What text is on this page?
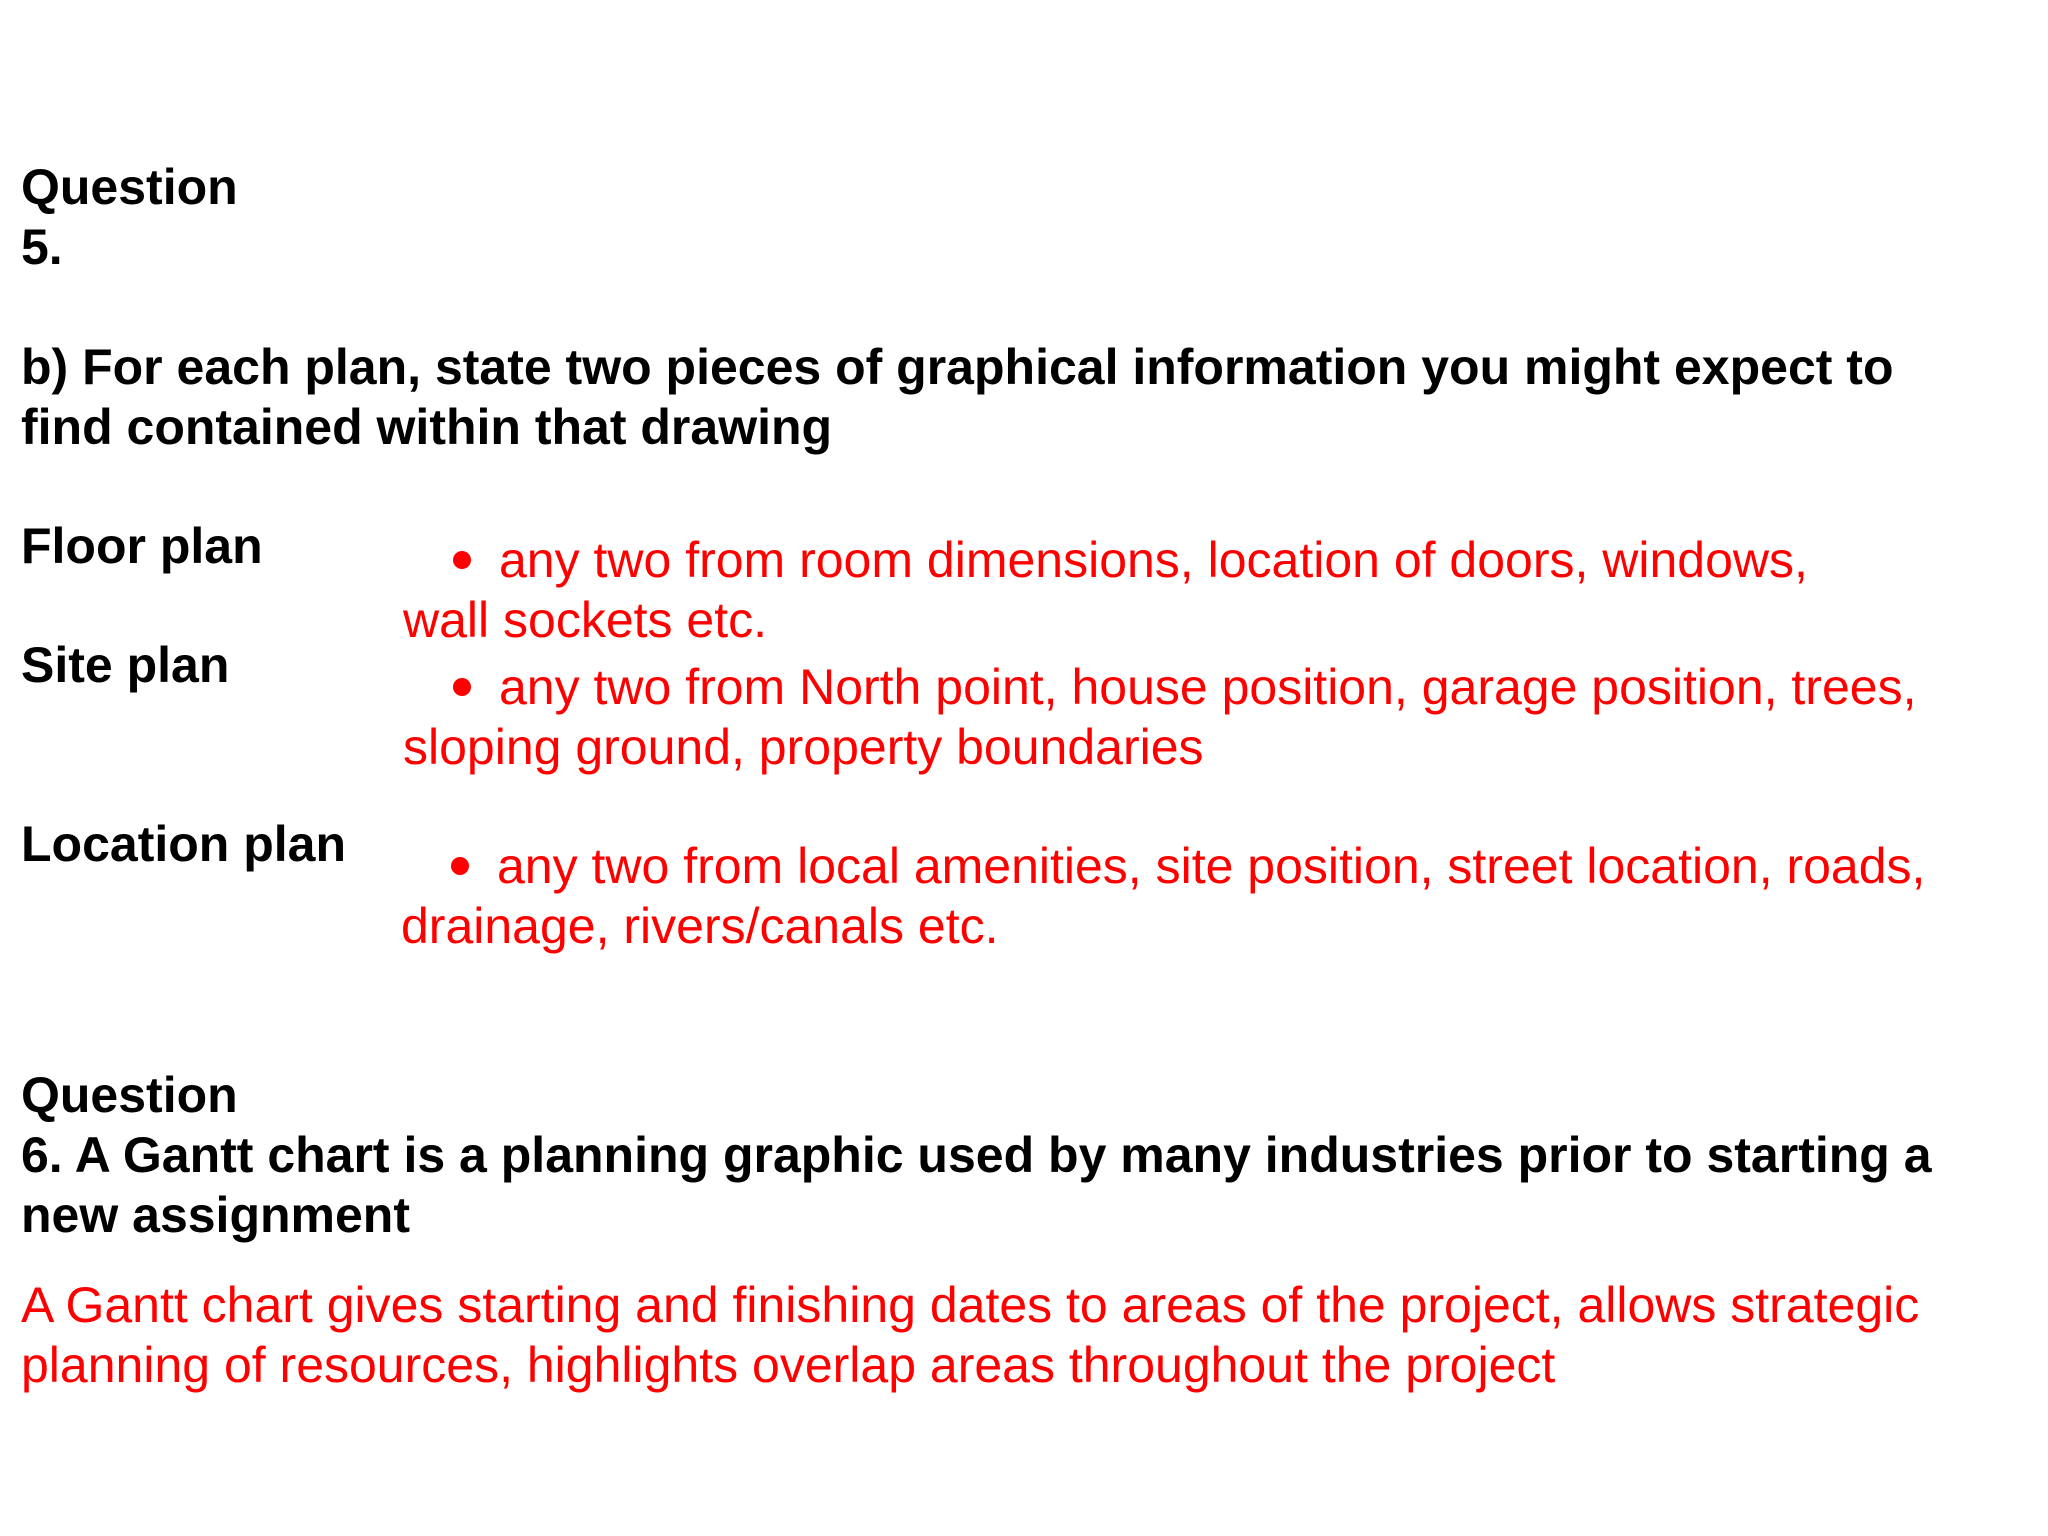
Question
5.
b) For each plan, state two pieces of graphical information you might expect to
find contained within that drawing
Floor plan	any two from room dimensions, location of doors, windows,
wall sockets etc.
Site plan	any two from North point, house position, garage position, trees,
sloping ground, property boundaries
Location plan	any two from local amenities, site position, street location, roads,
drainage, rivers/canals etc.
Question
6. A Gantt chart is a planning graphic used by many industries prior to starting a
new assignment
A Gantt chart gives starting and finishing dates to areas of the project, allows strategic
planning of resources, highlights overlap areas throughout the project
